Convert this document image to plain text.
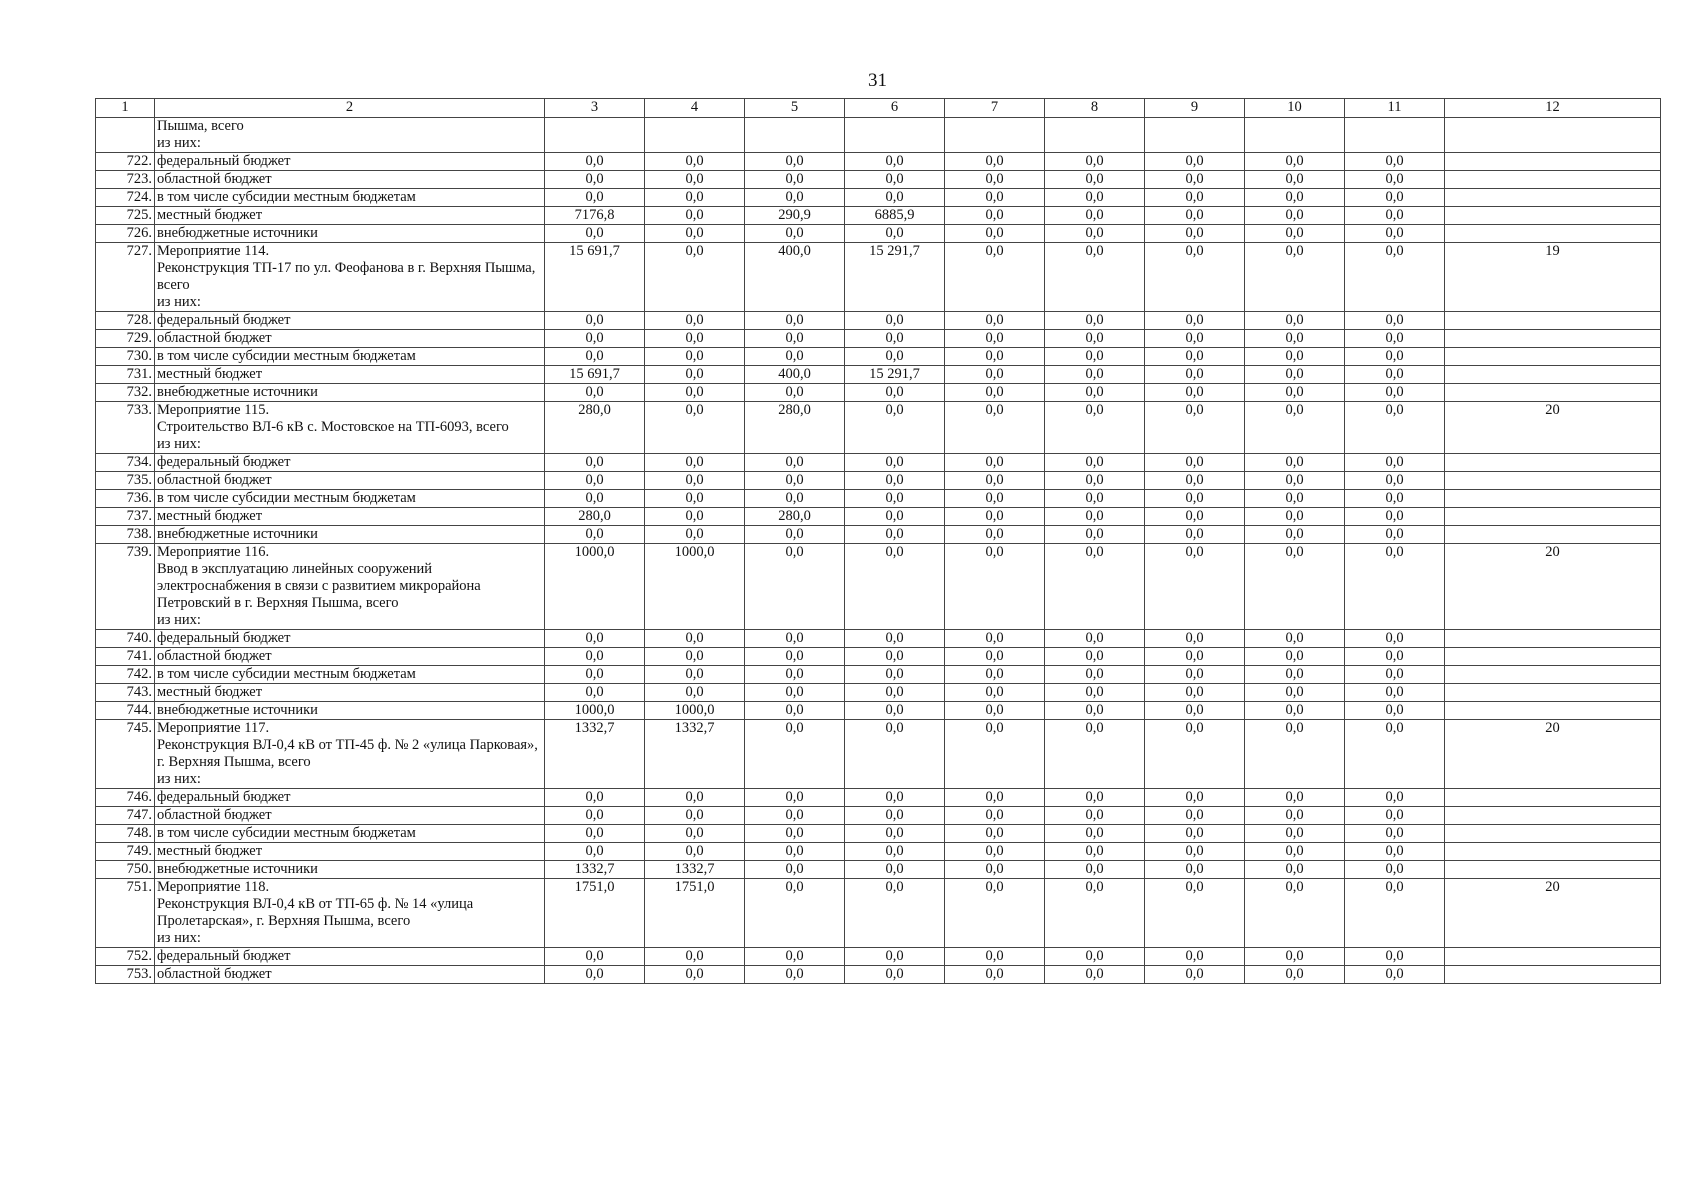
31
1	2	3	4	5	6	7	8	9	10	11	12
	Пышма, всего
из них:										
722.	федеральный бюджет	0,0	0,0	0,0	0,0	0,0	0,0	0,0	0,0	0,0	
723.	областной бюджет	0,0	0,0	0,0	0,0	0,0	0,0	0,0	0,0	0,0	
724.	в том числе субсидии местным бюджетам	0,0	0,0	0,0	0,0	0,0	0,0	0,0	0,0	0,0	
725.	местный бюджет	7176,8	0,0	290,9	6885,9	0,0	0,0	0,0	0,0	0,0	
726.	внебюджетные источники	0,0	0,0	0,0	0,0	0,0	0,0	0,0	0,0	0,0	
727.	Мероприятие 114.
Реконструкция ТП-17 по ул. Феофанова в г. Верхняя Пышма, всего
из них:	15 691,7	0,0	400,0	15 291,7	0,0	0,0	0,0	0,0	0,0	19
728.	федеральный бюджет	0,0	0,0	0,0	0,0	0,0	0,0	0,0	0,0	0,0	
729.	областной бюджет	0,0	0,0	0,0	0,0	0,0	0,0	0,0	0,0	0,0	
730.	в том числе субсидии местным бюджетам	0,0	0,0	0,0	0,0	0,0	0,0	0,0	0,0	0,0	
731.	местный бюджет	15 691,7	0,0	400,0	15 291,7	0,0	0,0	0,0	0,0	0,0	
732.	внебюджетные источники	0,0	0,0	0,0	0,0	0,0	0,0	0,0	0,0	0,0	
733.	Мероприятие 115.
Строительство ВЛ-6 кВ с. Мостовское на ТП-6093, всего
из них:	280,0	0,0	280,0	0,0	0,0	0,0	0,0	0,0	0,0	20
734.	федеральный бюджет	0,0	0,0	0,0	0,0	0,0	0,0	0,0	0,0	0,0	
735.	областной бюджет	0,0	0,0	0,0	0,0	0,0	0,0	0,0	0,0	0,0	
736.	в том числе субсидии местным бюджетам	0,0	0,0	0,0	0,0	0,0	0,0	0,0	0,0	0,0	
737.	местный бюджет	280,0	0,0	280,0	0,0	0,0	0,0	0,0	0,0	0,0	
738.	внебюджетные источники	0,0	0,0	0,0	0,0	0,0	0,0	0,0	0,0	0,0	
739.	Мероприятие 116.
Ввод в эксплуатацию линейных сооружений электроснабжения в связи с развитием микрорайона Петровский в г. Верхняя Пышма, всего
из них:	1000,0	1000,0	0,0	0,0	0,0	0,0	0,0	0,0	0,0	20
740.	федеральный бюджет	0,0	0,0	0,0	0,0	0,0	0,0	0,0	0,0	0,0	
741.	областной бюджет	0,0	0,0	0,0	0,0	0,0	0,0	0,0	0,0	0,0	
742.	в том числе субсидии местным бюджетам	0,0	0,0	0,0	0,0	0,0	0,0	0,0	0,0	0,0	
743.	местный бюджет	0,0	0,0	0,0	0,0	0,0	0,0	0,0	0,0	0,0	
744.	внебюджетные источники	1000,0	1000,0	0,0	0,0	0,0	0,0	0,0	0,0	0,0	
745.	Мероприятие 117.
Реконструкция ВЛ-0,4 кВ от ТП-45 ф. № 2 «улица Парковая», г. Верхняя Пышма, всего
из них:	1332,7	1332,7	0,0	0,0	0,0	0,0	0,0	0,0	0,0	20
746.	федеральный бюджет	0,0	0,0	0,0	0,0	0,0	0,0	0,0	0,0	0,0	
747.	областной бюджет	0,0	0,0	0,0	0,0	0,0	0,0	0,0	0,0	0,0	
748.	в том числе субсидии местным бюджетам	0,0	0,0	0,0	0,0	0,0	0,0	0,0	0,0	0,0	
749.	местный бюджет	0,0	0,0	0,0	0,0	0,0	0,0	0,0	0,0	0,0	
750.	внебюджетные источники	1332,7	1332,7	0,0	0,0	0,0	0,0	0,0	0,0	0,0	
751.	Мероприятие 118.
Реконструкция ВЛ-0,4 кВ от ТП-65 ф. № 14 «улица Пролетарская», г. Верхняя Пышма, всего
из них:	1751,0	1751,0	0,0	0,0	0,0	0,0	0,0	0,0	0,0	20
752.	федеральный бюджет	0,0	0,0	0,0	0,0	0,0	0,0	0,0	0,0	0,0	
753.	областной бюджет	0,0	0,0	0,0	0,0	0,0	0,0	0,0	0,0	0,0	
